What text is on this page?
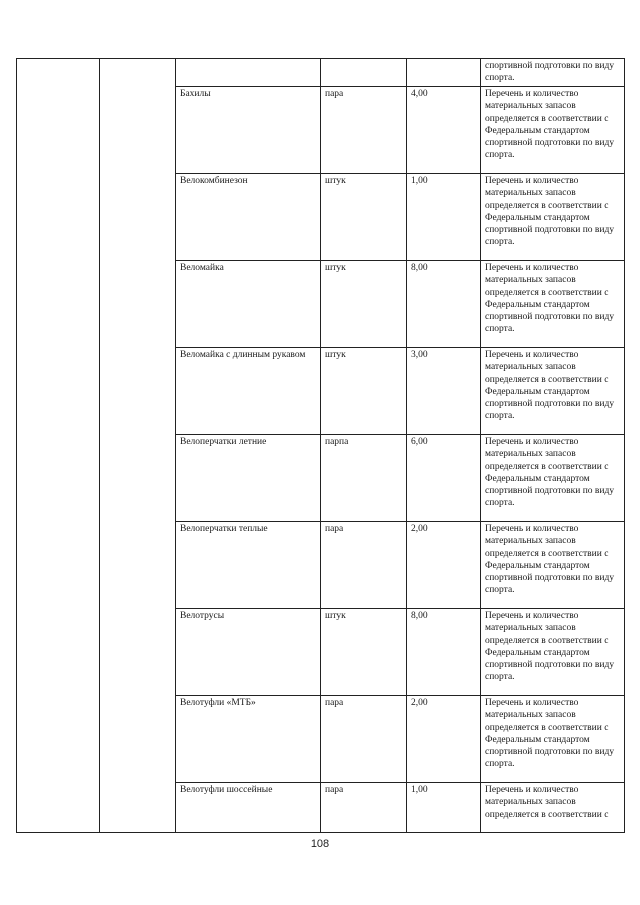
					спортивной подготовки по виду спорта.
		Бахилы	пара	4,00	Перечень и количество материальных запасов определяется в соответствии с Федеральным стандартом спортивной подготовки по виду спорта.
		Велокомбинезон	штук	1,00	Перечень и количество материальных запасов определяется в соответствии с Федеральным стандартом спортивной подготовки по виду спорта.
		Веломайка	штук	8,00	Перечень и количество материальных запасов определяется в соответствии с Федеральным стандартом спортивной подготовки по виду спорта.
		Веломайка с длинным рукавом	штук	3,00	Перечень и количество материальных запасов определяется в соответствии с Федеральным стандартом спортивной подготовки по виду спорта.
		Велоперчатки летние	парпа	6,00	Перечень и количество материальных запасов определяется в соответствии с Федеральным стандартом спортивной подготовки по виду спорта.
		Велоперчатки теплые	пара	2,00	Перечень и количество материальных запасов определяется в соответствии с Федеральным стандартом спортивной подготовки по виду спорта.
		Велотрусы	штук	8,00	Перечень и количество материальных запасов определяется в соответствии с Федеральным стандартом спортивной подготовки по виду спорта.
		Велотуфли «МТБ»	пара	2,00	Перечень и количество материальных запасов определяется в соответствии с Федеральным стандартом спортивной подготовки по виду спорта.
		Велотуфли шоссейные	пара	1,00	Перечень и количество материальных запасов определяется в соответствии с
108
